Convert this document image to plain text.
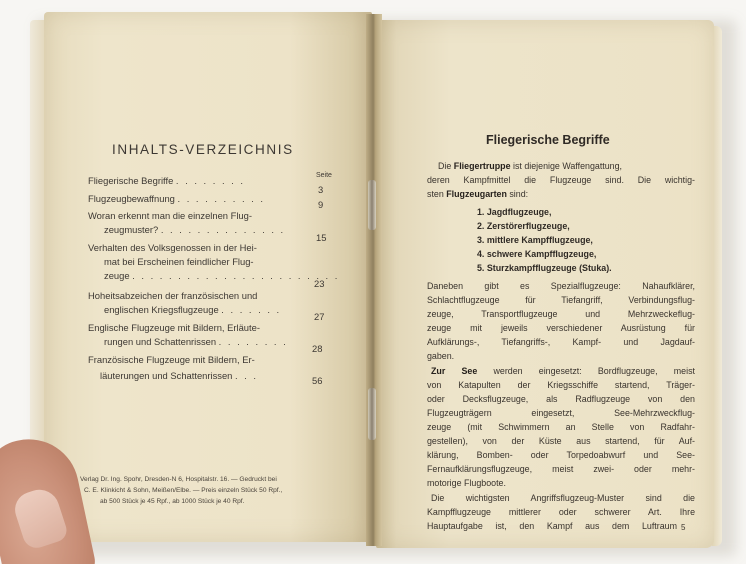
INHALTS-VERZEICHNIS
Seite
Fliegerische Begriffe . . . . . . . .
3
Flugzeugbewaffnung . . . . . . . . . .
9
Woran erkennt man die einzelnen Flug-
zeugmuster? . . . . . . . . . . . . . .
15
Verhalten des Volksgenossen in der Hei-
mat bei Erscheinen feindlicher Flug-
zeuge . . . . . . . . . . . . . . . . . . . . . . .
23
Hoheitsabzeichen der französischen und
englischen Kriegsflugzeuge . . . . . . .
27
Englische Flugzeuge mit Bildern, Erläute-
rungen und Schattenrissen . . . . . . . .
28
Französische Flugzeuge mit Bildern, Er-
läuterungen und Schattenrissen . . .	56
Verlag Dr. Ing. Spohr, Dresden-N 6, Hospitalstr. 16. — Gedruckt bei
C. E. Klinkicht & Sohn, Meißen/Elbe. — Preis einzeln Stück 50 Rpf.,
ab 500 Stück je 45 Rpf., ab 1000 Stück je 40 Rpf.
Fliegerische Begriffe
Die Fliegertruppe ist diejenige Waffengattung,
deren Kampfmittel die Flugzeuge sind. Die wichtig-
sten Flugzeugarten sind:
1. Jagdflugzeuge,
2. Zerstörerflugzeuge,
3. mittlere Kampfflugzeuge,
4. schwere Kampfflugzeuge,
5. Sturzkampfflugzeuge (Stuka).
Daneben gibt es Spezialflugzeuge: Nahaufklärer,
Schlachtflugzeuge für Tiefangriff, Verbindungsflug-
zeuge, Transportflugzeuge und Mehrzweckeflug-
zeuge mit jeweils verschiedener Ausrüstung für
Aufklärungs-, Tiefangriffs-, Kampf- und Jagdauf-
gaben.
Zur See werden eingesetzt: Bordflugzeuge, meist
von Katapulten der Kriegsschiffe startend, Träger-
oder Decksflugzeuge, als Radflugzeuge von den
Flugzeugträgern eingesetzt, See-Mehrzweckflug-
zeuge (mit Schwimmern an Stelle von Radfahr-
gestellen), von der Küste aus startend, für Auf-
klärung, Bomben- oder Torpedoabwurf und See-
Fernaufklärungsflugzeuge, meist zwei- oder mehr-
motorige Flugboote.
Die wichtigsten Angriffsflugzeug-Muster sind die
Kampfflugzeuge mittlerer oder schwerer Art. Ihre
Hauptaufgabe ist, den Kampf aus dem Luftraum 5
